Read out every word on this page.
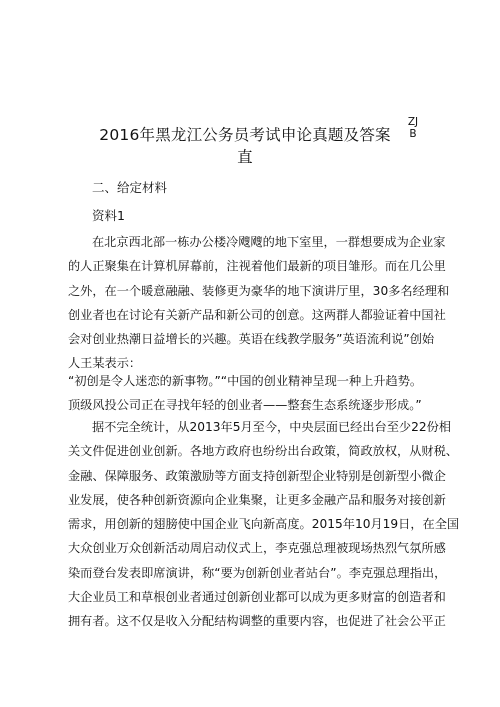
2016年黑龙江公务员考试申论真题及答案
直
ZJ
B
二、给定材料
资料1
在北京西北部一栋办公楼冷飕飕的地下室里，一群想要成为企业家
的人正聚集在计算机屏幕前，注视着他们最新的项目雏形。而在几公里
之外，在一个暖意融融、装修更为豪华的地下演讲厅里，30多名经理和
创业者也在讨论有关新产品和新公司的创意。这两群人都验证着中国社
会对创业热潮日益增长的兴趣。英语在线教学服务”英语流利说”创始
人王某表示：
“初创是令人迷恋的新事物。”“中国的创业精神呈现一种上升趋势。
顶级风投公司正在寻找年轻的创业者——整套生态系统逐步形成。”
据不完全统计，从2013年5月至今，中央层面已经出台至少22份相
关文件促进创业创新。各地方政府也纷纷出台政策，简政放权，从财税、
金融、保障服务、政策激励等方面支持创新型企业特别是创新型小微企
业发展，使各种创新资源向企业集聚，让更多金融产品和服务对接创新
需求，用创新的翅膀使中国企业飞向新高度。2015年10月19日，在全国
大众创业万众创新活动周启动仪式上，李克强总理被现场热烈气氛所感
染而登台发表即席演讲，称“要为创新创业者站台”。李克强总理指出，
大企业员工和草根创业者通过创新创业都可以成为更多财富的创造者和
拥有者。这不仅是收入分配结构调整的重要内容，也促进了社会公平正
